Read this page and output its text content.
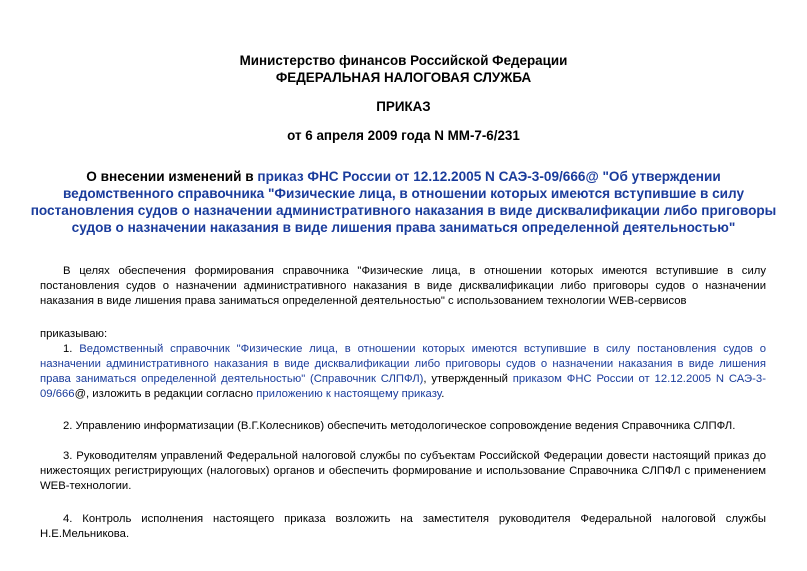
Министерство финансов Российской Федерации
ФЕДЕРАЛЬНАЯ НАЛОГОВАЯ СЛУЖБА
ПРИКАЗ
от 6 апреля 2009 года N ММ-7-6/231
О внесении изменений в приказ ФНС России от 12.12.2005 N САЭ-3-09/666@ "Об утверждении ведомственного справочника "Физические лица, в отношении которых имеются вступившие в силу постановления судов о назначении административного наказания в виде дисквалификации либо приговоры судов о назначении наказания в виде лишения права заниматься определенной деятельностью"
В целях обеспечения формирования справочника "Физические лица, в отношении которых имеются вступившие в силу постановления судов о назначении административного наказания в виде дисквалификации либо приговоры судов о назначении наказания в виде лишения права заниматься определенной деятельностью" с использованием технологии WEB-сервисов
приказываю:
1. Ведомственный справочник "Физические лица, в отношении которых имеются вступившие в силу постановления судов о назначении административного наказания в виде дисквалификации либо приговоры судов о назначении наказания в виде лишения права заниматься определенной деятельностью" (Справочник СЛПФЛ), утвержденный приказом ФНС России от 12.12.2005 N САЭ-3-09/666@, изложить в редакции согласно приложению к настоящему приказу.
2. Управлению информатизации (В.Г.Колесников) обеспечить методологическое сопровождение ведения Справочника СЛПФЛ.
3. Руководителям управлений Федеральной налоговой службы по субъектам Российской Федерации довести настоящий приказ до нижестоящих регистрирующих (налоговых) органов и обеспечить формирование и использование Справочника СЛПФЛ с применением WEB-технологии.
4. Контроль исполнения настоящего приказа возложить на заместителя руководителя Федеральной налоговой службы Н.Е.Мельникова.
